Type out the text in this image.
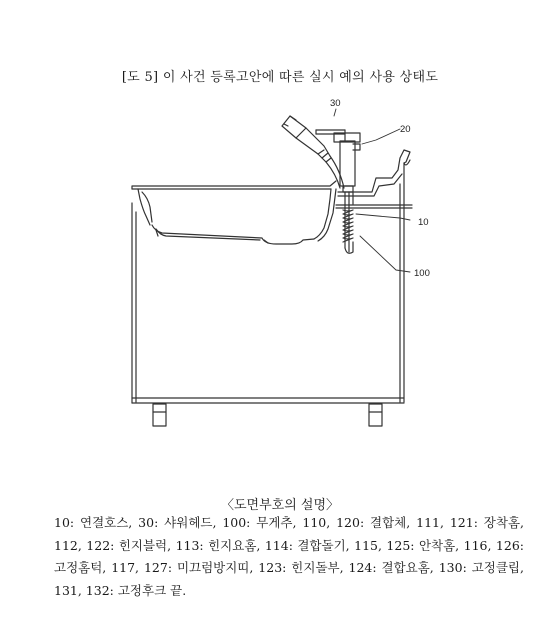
[도 5] 이 사건 등록고안에 따른 실시 예의 사용 상태도
30
20
10
100
〈도면부호의 설명〉
10: 연결호스, 30: 샤워헤드, 100: 무게추, 110, 120: 결합체, 111, 121: 장착홈, 112, 122: 힌지블럭, 113: 힌지요홈, 114: 결합돌기, 115, 125: 안착홈, 116, 126: 고정홈턱, 117, 127: 미끄럼방지띠, 123: 힌지돌부, 124: 결합요홈, 130: 고정클립, 131, 132: 고정후크 끝.
